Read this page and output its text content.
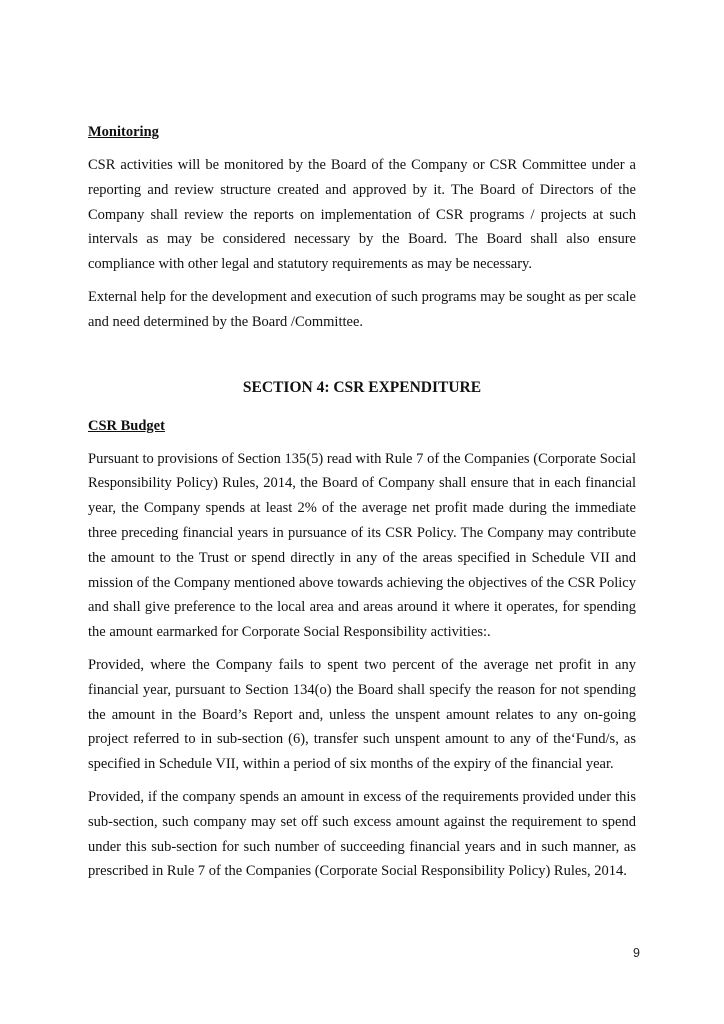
Monitoring

CSR activities will be monitored by the Board of the Company or CSR Committee under a reporting and review structure created and approved by it. The Board of Directors of the Company shall review the reports on implementation of CSR programs / projects at such intervals as may be considered necessary by the Board. The Board shall also ensure compliance with other legal and statutory requirements as may be necessary.

External help for the development and execution of such programs may be sought as per scale and need determined by the Board /Committee.

SECTION 4: CSR EXPENDITURE
CSR Budget

Pursuant to provisions of Section 135(5) read with Rule 7 of the Companies (Corporate Social Responsibility Policy) Rules, 2014, the Board of Company shall ensure that in each financial year, the Company spends at least 2% of the average net profit made during the immediate three preceding financial years in pursuance of its CSR Policy. The Company may contribute the amount to the Trust or spend directly in any of the areas specified in Schedule VII and mission of the Company mentioned above towards achieving the objectives of the CSR Policy and shall give preference to the local area and areas around it where it operates, for spending the amount earmarked for Corporate Social Responsibility activities:.

Provided, where the Company fails to spent two percent of the average net profit in any financial year, pursuant to Section 134(o) the Board shall specify the reason for not spending the amount in the Board’s Report and, unless the unspent amount relates to any on-going project referred to in sub-section (6), transfer such unspent amount to any of the‘Fund/s, as specified in Schedule VII, within a period of six months of the expiry of the financial year.

Provided, if the company spends an amount in excess of the requirements provided under this sub-section, such company may set off such excess amount against the requirement to spend under this sub-section for such number of succeeding financial years and in such manner, as prescribed in Rule 7 of the Companies (Corporate Social Responsibility Policy) Rules, 2014.

9
